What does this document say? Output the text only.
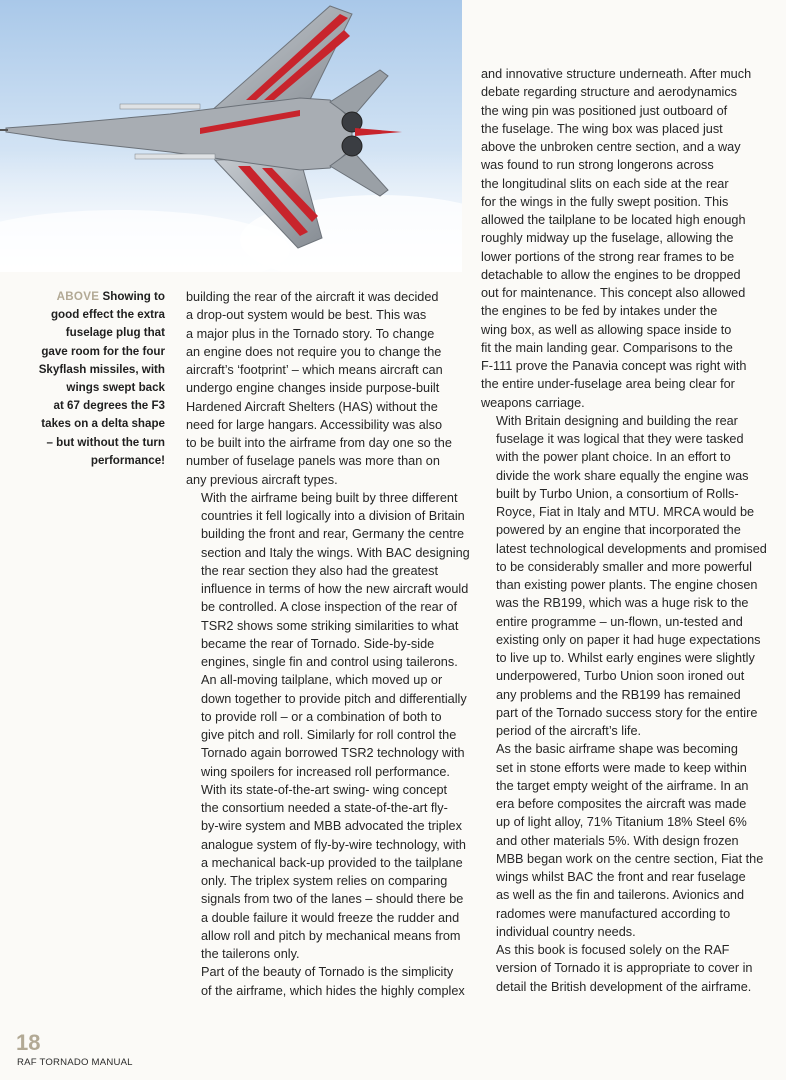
ABOVE Showing to

good effect the extra
fuselage plug that
gave room for the four
Skyflash missiles, with
wings swept back
at 67 degrees the F3
takes on a delta shape
– but without the turn
performance!

building the rear of the aircraft it was decided
a drop-out system would be best. This was
a major plus in the Tornado story. To change
an engine does not require you to change the
aircraft’s ‘footprint’ – which means aircraft can
undergo engine changes inside purpose-built
Hardened Aircraft Shelters (HAS) without the
need for large hangars. Accessibility was also
to be built into the airframe from day one so the
number of fuselage panels was more than on
any previous aircraft types.

With the airframe being built by three different
countries it fell logically into a division of Britain
building the front and rear, Germany the centre
section and Italy the wings. With BAC designing
the rear section they also had the greatest
influence in terms of how the new aircraft would
be controlled. A close inspection of the rear of
TSR2 shows some striking similarities to what
became the rear of Tornado. Side-by-side
engines, single fin and control using tailerons.
An all-moving tailplane, which moved up or
down together to provide pitch and differentially
to provide roll – or a combination of both to
give pitch and roll. Similarly for roll control the
Tornado again borrowed TSR2 technology with
wing spoilers for increased roll performance.
With its state-of-the-art swing- wing concept
the consortium needed a state-of-the-art fly-
by-wire system and MBB advocated the triplex
analogue system of fly-by-wire technology, with
a mechanical back-up provided to the tailplane
only. The triplex system relies on comparing
signals from two of the lanes – should there be
a double failure it would freeze the rudder and
allow roll and pitch by mechanical means from
the tailerons only.

Part of the beauty of Tornado is the simplicity
of the airframe, which hides the highly complex

and innovative structure underneath. After much
debate regarding structure and aerodynamics
the wing pin was positioned just outboard of
the fuselage. The wing box was placed just
above the unbroken centre section, and a way
was found to run strong longerons across
the longitudinal slits on each side at the rear
for the wings in the fully swept position. This
allowed the tailplane to be located high enough
roughly midway up the fuselage, allowing the
lower portions of the strong rear frames to be
detachable to allow the engines to be dropped
out for maintenance. This concept also allowed
the engines to be fed by intakes under the
wing box, as well as allowing space inside to
fit the main landing gear. Comparisons to the
F-111 prove the Panavia concept was right with
the entire under-fuselage area being clear for
weapons carriage.

With Britain designing and building the rear
fuselage it was logical that they were tasked
with the power plant choice. In an effort to
divide the work share equally the engine was
built by Turbo Union, a consortium of Rolls-
Royce, Fiat in Italy and MTU. MRCA would be
powered by an engine that incorporated the
latest technological developments and promised
to be considerably smaller and more powerful
than existing power plants. The engine chosen
was the RB199, which was a huge risk to the
entire programme – un-flown, un-tested and
existing only on paper it had huge expectations
to live up to. Whilst early engines were slightly
underpowered, Turbo Union soon ironed out
any problems and the RB199 has remained
part of the Tornado success story for the entire
period of the aircraft’s life.

As the basic airframe shape was becoming
set in stone efforts were made to keep within
the target empty weight of the airframe. In an
era before composites the aircraft was made
up of light alloy, 71% Titanium 18% Steel 6%
and other materials 5%. With design frozen
MBB began work on the centre section, Fiat the
wings whilst BAC the front and rear fuselage
as well as the fin and tailerons. Avionics and
radomes were manufactured according to
individual country needs.

As this book is focused solely on the RAF
version of Tornado it is appropriate to cover in
detail the British development of the airframe.

18
RAF TORNADO MANUAL
